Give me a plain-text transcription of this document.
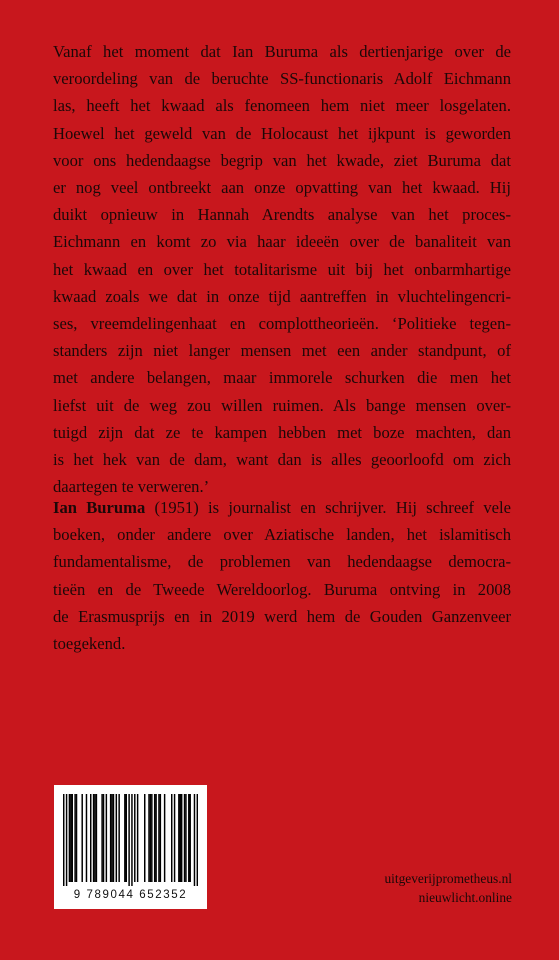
Vanaf het moment dat Ian Buruma als dertienjarige over de
veroordeling van de beruchte SS-functionaris Adolf Eichmann
las, heeft het kwaad als fenomeen hem niet meer losgelaten.
Hoewel het geweld van de Holocaust het ijkpunt is geworden
voor ons hedendaagse begrip van het kwade, ziet Buruma dat
er nog veel ontbreekt aan onze opvatting van het kwaad. Hij
duikt opnieuw in Hannah Arendts analyse van het proces-
Eichmann en komt zo via haar ideeën over de banaliteit van
het kwaad en over het totalitarisme uit bij het onbarmhartige
kwaad zoals we dat in onze tijd aantreffen in vluchtelingencri-
ses, vreemdelingenhaat en complottheorieën. ‘Politieke tegen-
standers zijn niet langer mensen met een ander standpunt, of
met andere belangen, maar immorele schurken die men het
liefst uit de weg zou willen ruimen. Als bange mensen over-
tuigd zijn dat ze te kampen hebben met boze machten, dan
is het hek van de dam, want dan is alles geoorloofd om zich
daartegen te verweren.’
Ian Buruma (1951) is journalist en schrijver. Hij schreef vele
boeken, onder andere over Aziatische landen, het islamitisch
fundamentalisme, de problemen van hedendaagse democra-
tieën en de Tweede Wereldoorlog. Buruma ontving in 2008
de Erasmusprijs en in 2019 werd hem de Gouden Ganzenveer
toegekend.
9 789044 652352
uitgeverijprometheus.nl
nieuwlicht.online
